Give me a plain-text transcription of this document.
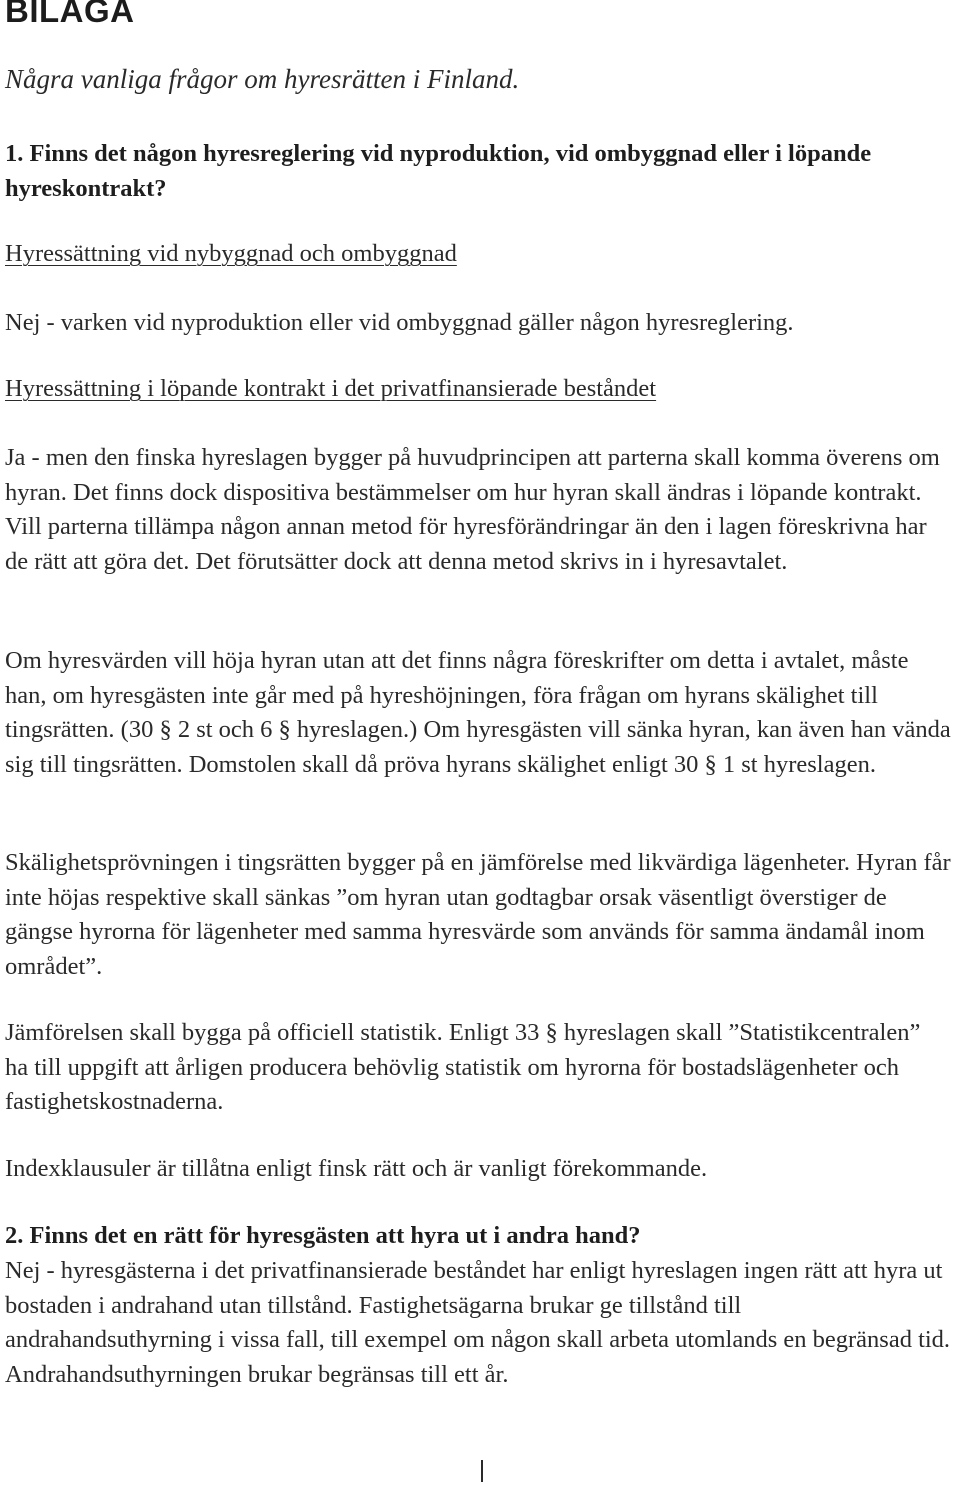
BILAGA

Några vanliga frågor om hyresrätten i Finland.

1. Finns det någon hyresreglering vid nyproduktion, vid ombyggnad eller i löpande hyreskontrakt?

Hyressättning vid nybyggnad och ombyggnad

Nej - varken vid nyproduktion eller vid ombyggnad gäller någon hyresreglering.

Hyressättning i löpande kontrakt i det privatfinansierade beståndet

Ja - men den finska hyreslagen bygger på huvudprincipen att parterna skall komma överens om hyran. Det finns dock dispositiva bestämmelser om hur hyran skall ändras i löpande kontrakt. Vill parterna tillämpa någon annan metod för hyresförändringar än den i lagen föreskrivna har de rätt att göra det. Det förutsätter dock att denna metod skrivs in i hyresavtalet.

Om hyresvärden vill höja hyran utan att det finns några föreskrifter om detta i avtalet, måste han, om hyresgästen inte går med på hyreshöjningen, föra frågan om hyrans skälighet till tingsrätten. (30 § 2 st och 6 § hyreslagen.) Om hyresgästen vill sänka hyran, kan även han vända sig till tingsrätten. Domstolen skall då pröva hyrans skälighet enligt 30 § 1 st hyreslagen.

Skälighetsprövningen i tingsrätten bygger på en jämförelse med likvärdiga lägenheter. Hyran får inte höjas respektive skall sänkas ”om hyran utan godtagbar orsak väsentligt överstiger de gängse hyrorna för lägenheter med samma hyresvärde som används för samma ändamål inom området”.

Jämförelsen skall bygga på officiell statistik. Enligt 33 § hyreslagen skall ”Statistikcentralen” ha till uppgift att årligen producera behövlig statistik om hyrorna för bostadslägenheter och fastighetskostnaderna.

Indexklausuler är tillåtna enligt finsk rätt och är vanligt förekommande.

2. Finns det en rätt för hyresgästen att hyra ut i andra hand?

Nej - hyresgästerna i det privatfinansierade beståndet har enligt hyreslagen ingen rätt att hyra ut bostaden i andrahand utan tillstånd. Fastighetsägarna brukar ge tillstånd till andrahandsuthyrning i vissa fall, till exempel om någon skall arbeta utomlands en begränsad tid. Andrahandsuthyrningen brukar begränsas till ett år.
